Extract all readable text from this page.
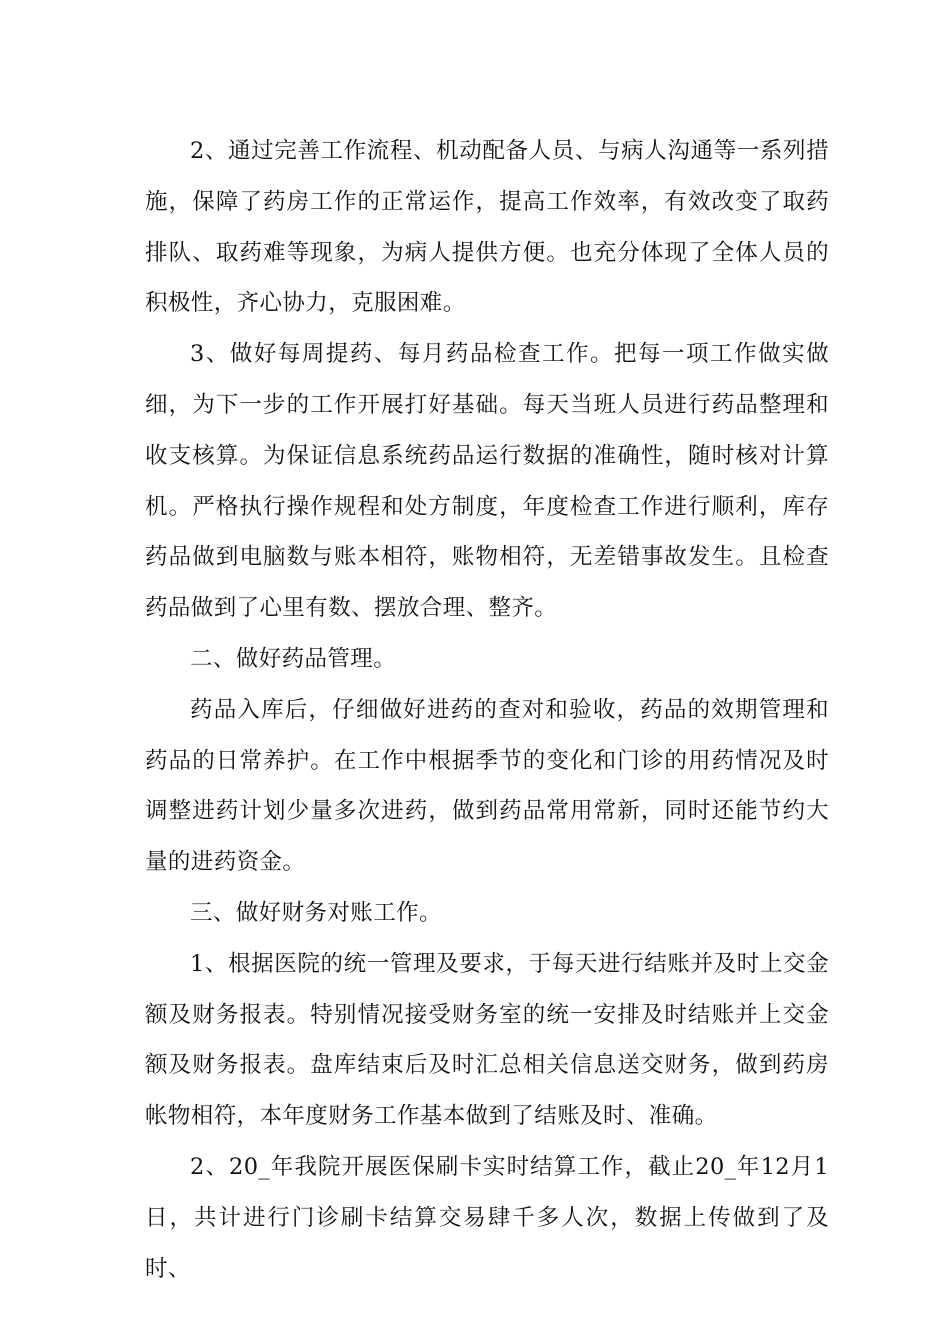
2、通过完善工作流程、机动配备人员、与病人沟通等一系列措施，保障了药房工作的正常运作，提高工作效率，有效改变了取药排队、取药难等现象，为病人提供方便。也充分体现了全体人员的积极性，齐心协力，克服困难。

3、做好每周提药、每月药品检查工作。把每一项工作做实做细，为下一步的工作开展打好基础。每天当班人员进行药品整理和收支核算。为保证信息系统药品运行数据的准确性，随时核对计算机。严格执行操作规程和处方制度，年度检查工作进行顺利，库存药品做到电脑数与账本相符，账物相符，无差错事故发生。且检查药品做到了心里有数、摆放合理、整齐。

二、做好药品管理。

药品入库后，仔细做好进药的查对和验收，药品的效期管理和药品的日常养护。在工作中根据季节的变化和门诊的用药情况及时调整进药计划少量多次进药，做到药品常用常新，同时还能节约大量的进药资金。

三、做好财务对账工作。

1、根据医院的统一管理及要求，于每天进行结账并及时上交金额及财务报表。特别情况接受财务室的统一安排及时结账并上交金额及财务报表。盘库结束后及时汇总相关信息送交财务，做到药房帐物相符，本年度财务工作基本做到了结账及时、准确。

2、20_年我院开展医保刷卡实时结算工作，截止20_年12月1日，共计进行门诊刷卡结算交易肆千多人次，数据上传做到了及时、
